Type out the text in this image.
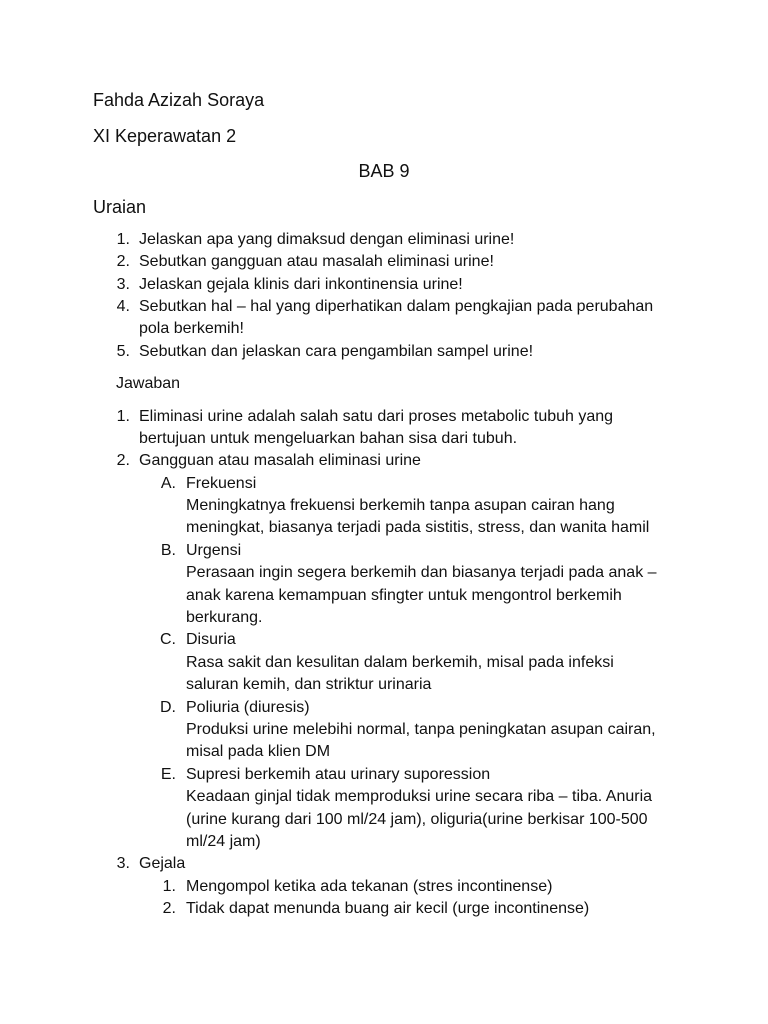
Fahda Azizah Soraya
XI Keperawatan 2
BAB 9
Uraian
1. Jelaskan apa yang dimaksud dengan eliminasi urine!
2. Sebutkan gangguan atau masalah eliminasi urine!
3. Jelaskan gejala klinis dari inkontinensia urine!
4. Sebutkan hal – hal yang diperhatikan dalam pengkajian pada perubahan
pola berkemih!
5. Sebutkan dan jelaskan cara pengambilan sampel urine!
Jawaban
1. Eliminasi urine adalah salah satu dari proses metabolic tubuh yang
bertujuan untuk mengeluarkan bahan sisa dari tubuh.
2. Gangguan atau masalah eliminasi urine
A. Frekuensi
Meningkatnya frekuensi berkemih tanpa asupan cairan hang
meningkat, biasanya terjadi pada sistitis, stress, dan wanita hamil
B. Urgensi
Perasaan ingin segera berkemih dan biasanya terjadi pada anak –
anak karena kemampuan sfingter untuk mengontrol berkemih
berkurang.
C. Disuria
Rasa sakit dan kesulitan dalam berkemih, misal pada infeksi
saluran kemih, dan striktur urinaria
D. Poliuria (diuresis)
Produksi urine melebihi normal, tanpa peningkatan asupan cairan,
misal pada klien DM
E. Supresi berkemih atau urinary suporession
Keadaan ginjal tidak memproduksi urine secara riba – tiba. Anuria
(urine kurang dari 100 ml/24 jam), oliguria(urine berkisar 100-500
ml/24 jam)
3. Gejala
1. Mengompol ketika ada tekanan (stres incontinense)
2. Tidak dapat menunda buang air kecil (urge incontinense)
